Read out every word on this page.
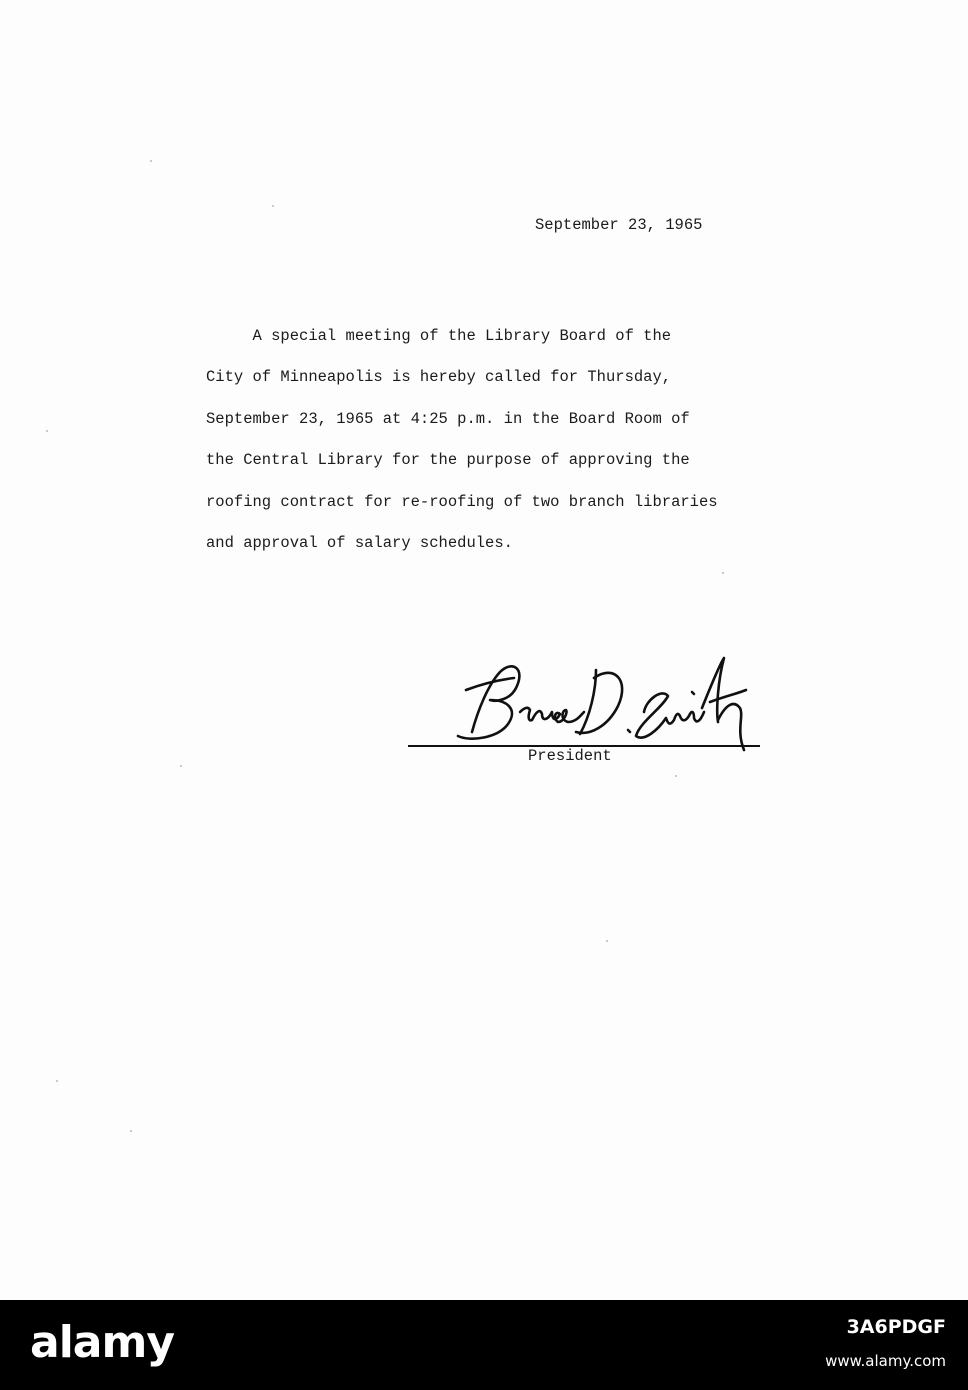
September 23, 1965
A special meeting of the Library Board of the
City of Minneapolis is hereby called for Thursday,
September 23, 1965 at 4:25 p.m. in the Board Room of
the Central Library for the purpose of approving the
roofing contract for re-roofing of two branch libraries
and approval of salary schedules.
President
alamy	3A6PDGF
www.alamy.com
